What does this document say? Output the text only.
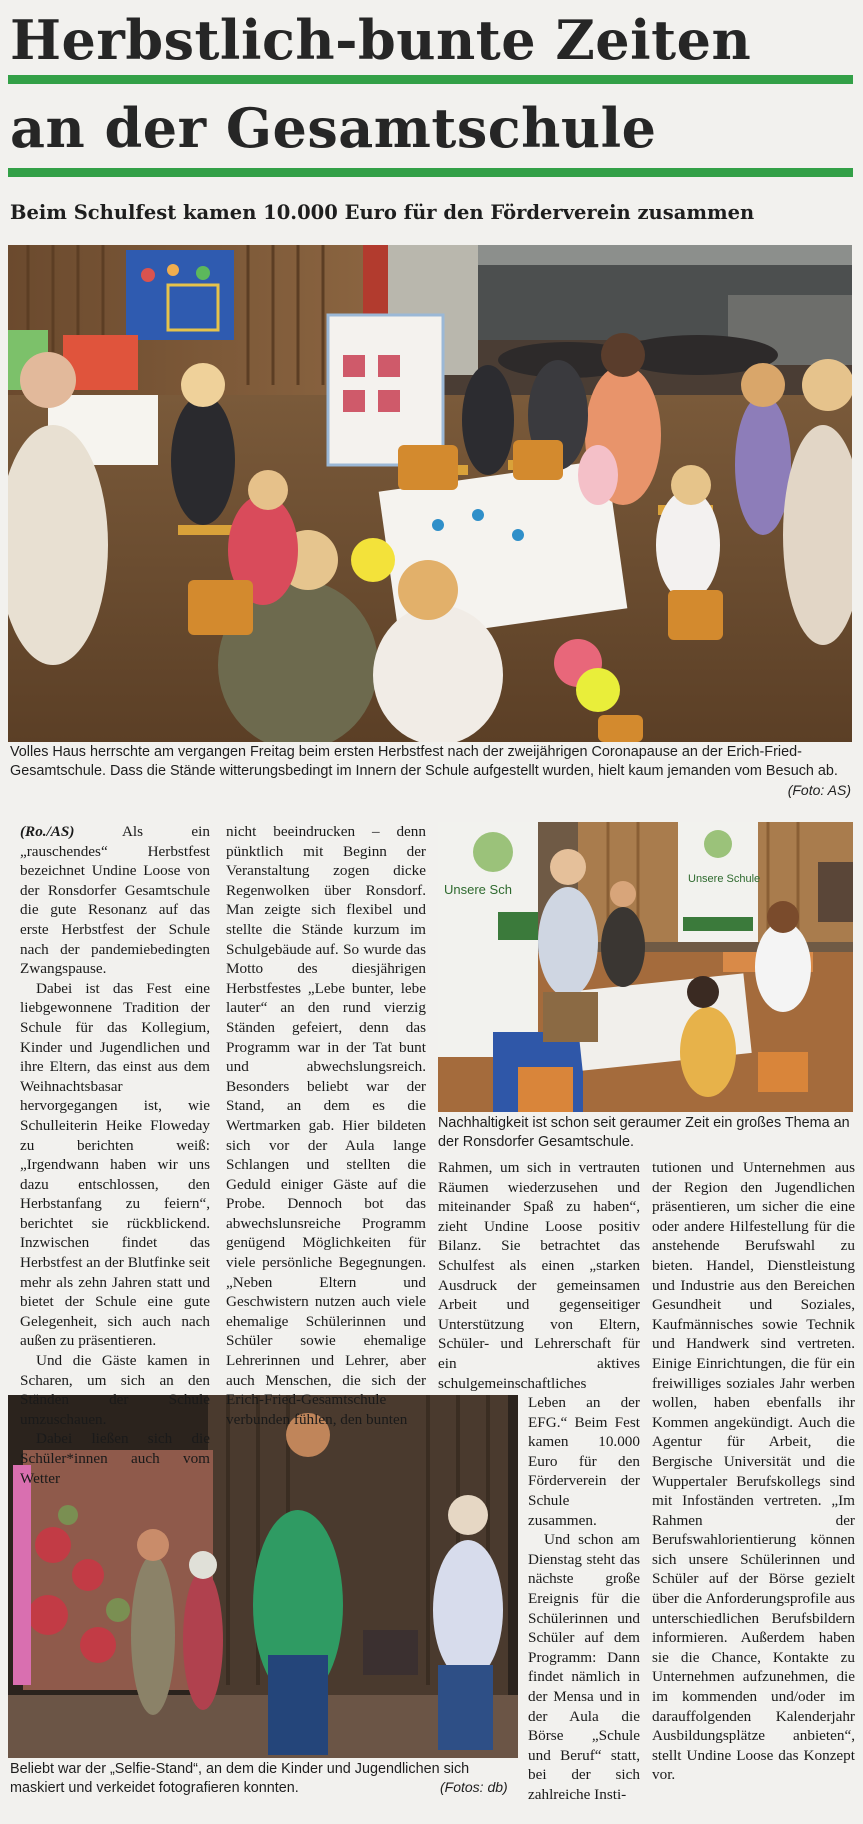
Herbstlich-bunte Zeiten
an der Gesamtschule
Beim Schulfest kamen 10.000 Euro für den Förderverein zusammen
Volles Haus herrschte am vergangen Freitag beim ersten Herbstfest nach der zweijährigen Coronapause an der Erich-Fried-Gesamtschule. Dass die Stände witterungsbedingt im Innern der Schule aufgestellt wurden, hielt kaum jemanden vom Besuch ab.
(Foto: AS)
Unsere Sch
Unsere Schule
Nachhaltigkeit ist schon seit geraumer Zeit ein großes Thema an der Ronsdorfer Gesamtschule.
Beliebt war der „Selfie-Stand“, an dem die Kinder und Jugendlichen sich maskiert und verkeidet fotografieren konnten.	(Fotos: db)

(Ro./AS) Als ein „rauschendes“ Herbstfest bezeichnet Undine Loose von der Ronsdorfer Gesamtschule die gute Resonanz auf das erste Herbstfest der Schule nach der pandemiebedingten Zwangspause.

Dabei ist das Fest eine liebgewonnene Tradition der Schule für das Kollegium, Kinder und Jugendlichen und ihre Eltern, das einst aus dem Weihnachtsbasar hervorgegangen ist, wie Schulleiterin Heike Floweday zu berichten weiß: „Irgendwann haben wir uns dazu entschlossen, den Herbstanfang zu feiern“, berichtet sie rückblickend. Inzwischen findet das Herbstfest an der Blutfinke seit mehr als zehn Jahren statt und bietet der Schule eine gute Gelegenheit, sich auch nach außen zu präsentieren.

Und die Gäste kamen in Scharen, um sich an den Ständen der Schule umzuschauen.

Dabei ließen sich die Schüler*innen auch vom Wetter

nicht beeindrucken – denn pünktlich mit Beginn der Veranstaltung zogen dicke Regenwolken über Ronsdorf. Man zeigte sich flexibel und stellte die Stände kurzum im Schulgebäude auf. So wurde das Motto des diesjährigen Herbstfestes „Lebe bunter, lebe lauter“ an den rund vierzig Ständen gefeiert, denn das Programm war in der Tat bunt und abwechslungsreich. Besonders beliebt war der Stand, an dem es die Wertmarken gab. Hier bildeten sich vor der Aula lange Schlangen und stellten die Geduld einiger Gäste auf die Probe. Dennoch bot das abwechslunsreiche Programm genügend Möglichkeiten für viele persönliche Begegnungen. „Neben Eltern und Geschwistern nutzen auch viele ehemalige Schülerinnen und Schüler sowie ehemalige Lehrerinnen und Lehrer, aber auch Menschen, die sich der Erich-Fried-Gesamtschule verbunden fühlen, den bunten

Rahmen, um sich in vertrauten Räumen wiederzusehen und miteinander Spaß zu haben“, zieht Undine Loose positiv Bilanz. Sie betrachtet das Schulfest als einen „starken Ausdruck der gemeinsamen Arbeit und gegenseitiger Unterstützung von Eltern, Schüler- und Lehrerschaft für ein aktives schulgemeinschaftliches

Leben an der EFG.“ Beim Fest kamen 10.000 Euro für den Förderverein der Schule zusammen.

Und schon am Dienstag steht das nächste große Ereignis für die Schülerinnen und Schüler auf dem Programm: Dann findet nämlich in der Mensa und in der Aula die Börse „Schule und Beruf“ statt, bei der sich zahlreiche Insti-

tutionen und Unternehmen aus der Region den Jugendlichen präsentieren, um sicher die eine oder andere Hilfestellung für die anstehende Berufswahl zu bieten. Handel, Dienstleistung und Industrie aus den Bereichen Gesundheit und Soziales, Kaufmännisches sowie Technik und Handwerk sind vertreten. Einige Einrichtungen, die für ein freiwilliges soziales Jahr werben wollen, haben ebenfalls ihr Kommen angekündigt. Auch die Agentur für Arbeit, die Bergische Universität und die Wuppertaler Berufskollegs sind mit Infoständen vertreten. „Im Rahmen der Berufswahlorientierung können sich unsere Schülerinnen und Schüler auf der Börse gezielt über die Anforderungsprofile aus unterschiedlichen Berufsbildern informieren. Außerdem haben sie die Chance, Kontakte zu Unternehmen aufzunehmen, die im kommenden und/oder im darauffolgenden Kalenderjahr Ausbildungsplätze anbieten“, stellt Undine Loose das Konzept vor.
